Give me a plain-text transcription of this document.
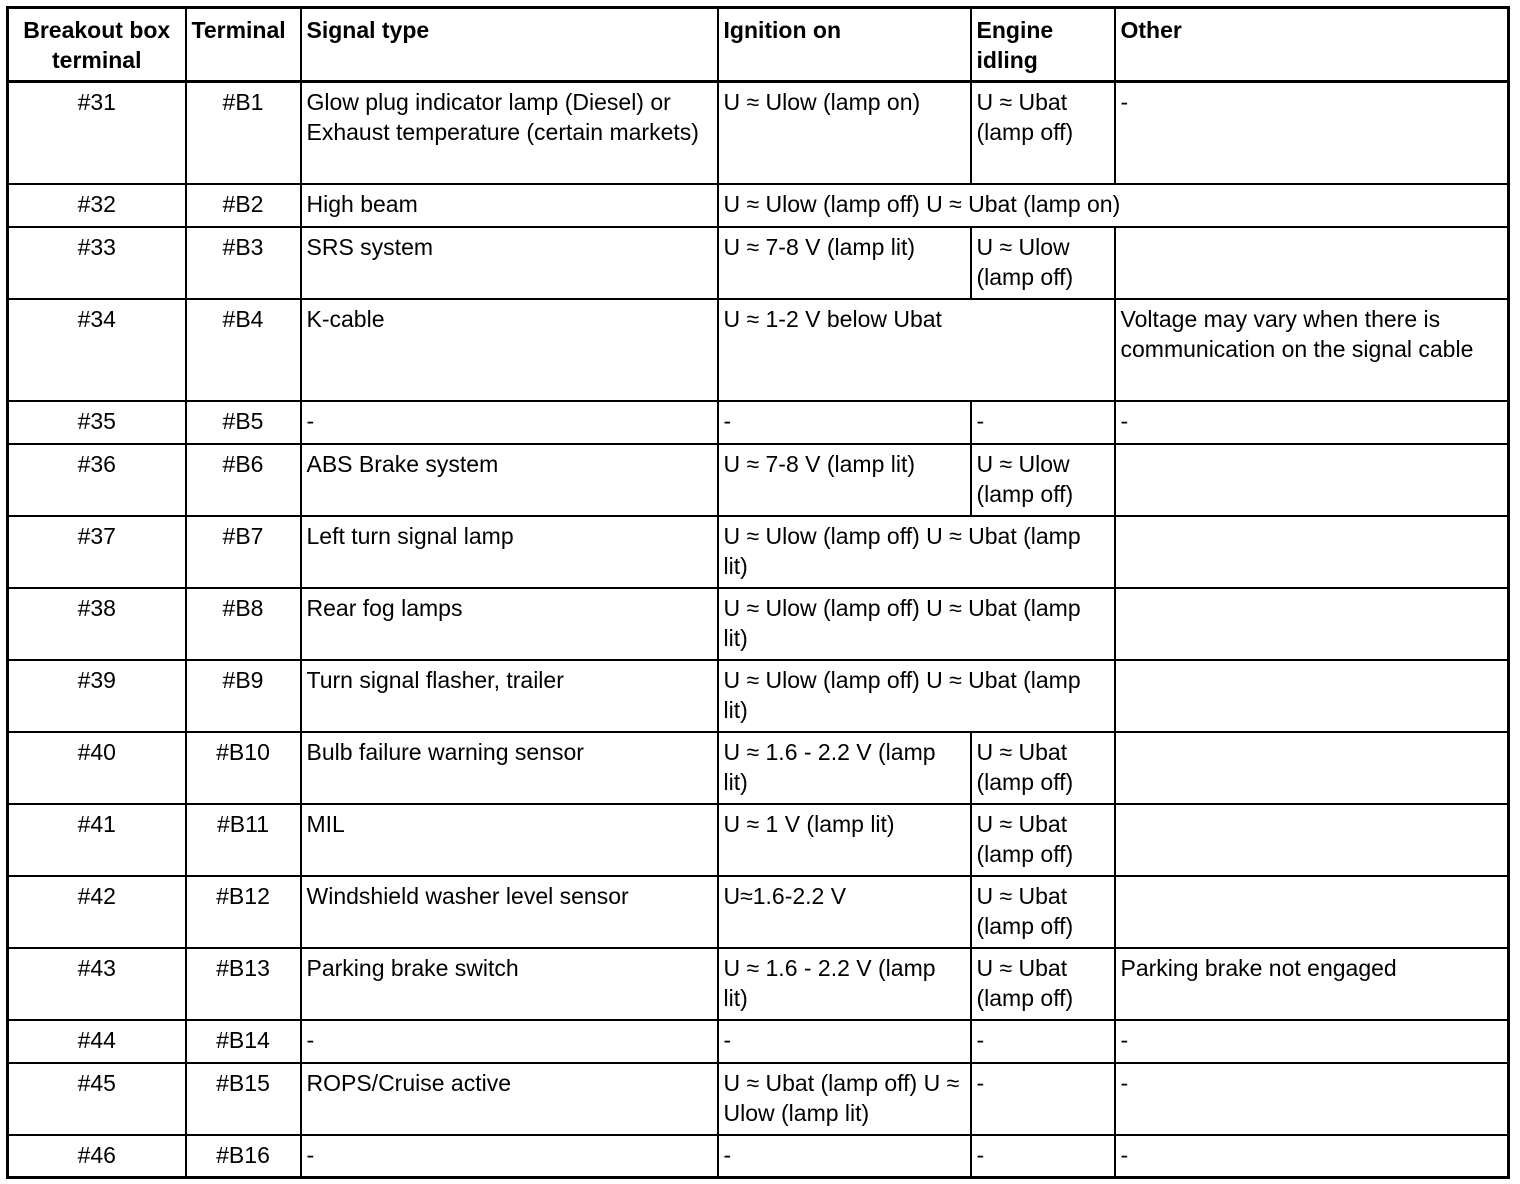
Breakout box terminal	Terminal	Signal type	Ignition on	Engine idling	Other
#31	#B1	Glow plug indicator lamp (Diesel) or Exhaust temperature (certain markets)	U ≈ Ulow (lamp on)	U ≈ Ubat (lamp off)	-
#32	#B2	High beam	U ≈ Ulow (lamp off) U ≈ Ubat (lamp on)		
#33	#B3	SRS system	U ≈ 7-8 V (lamp lit)	U ≈ Ulow (lamp off)	
#34	#B4	K-cable	U ≈ 1-2 V below Ubat		Voltage may vary when there is communication on the signal cable
#35	#B5	-	-	-	-
#36	#B6	ABS Brake system	U ≈ 7-8 V (lamp lit)	U ≈ Ulow (lamp off)	
#37	#B7	Left turn signal lamp	U ≈ Ulow (lamp off) U ≈ Ubat (lamp lit)		
#38	#B8	Rear fog lamps	U ≈ Ulow (lamp off) U ≈ Ubat (lamp lit)		
#39	#B9	Turn signal flasher, trailer	U ≈ Ulow (lamp off) U ≈ Ubat (lamp lit)		
#40	#B10	Bulb failure warning sensor	U ≈ 1.6 - 2.2 V (lamp lit)	U ≈ Ubat (lamp off)	
#41	#B11	MIL	U ≈ 1 V (lamp lit)	U ≈ Ubat (lamp off)	
#42	#B12	Windshield washer level sensor	U≈1.6-2.2 V	U ≈ Ubat (lamp off)	
#43	#B13	Parking brake switch	U ≈ 1.6 - 2.2 V (lamp lit)	U ≈ Ubat (lamp off)	Parking brake not engaged
#44	#B14	-	-	-	-
#45	#B15	ROPS/Cruise active	U ≈ Ubat (lamp off) U ≈ Ulow (lamp lit)	-	-
#46	#B16	-	-	-	-
